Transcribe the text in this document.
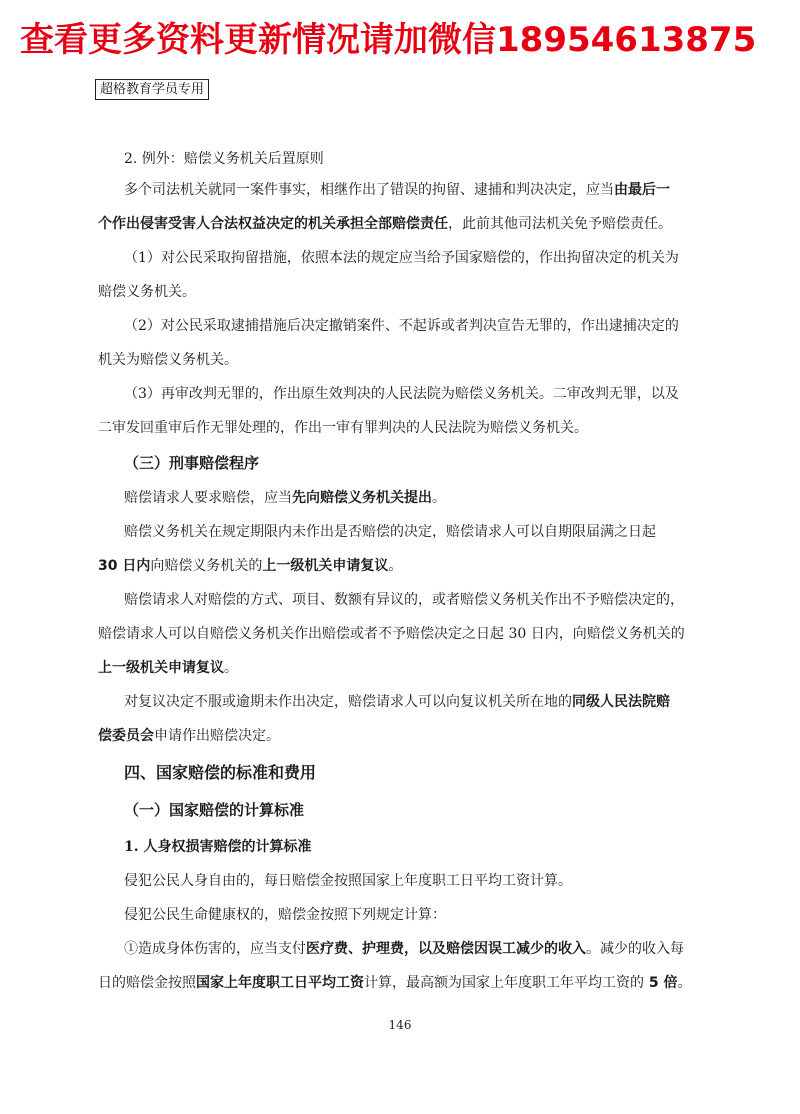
查看更多资料更新情况请加微信18954613875
超格教育学员专用
2. 例外：赔偿义务机关后置原则
多个司法机关就同一案件事实，相继作出了错误的拘留、逮捕和判决决定，应当由最后一
个作出侵害受害人合法权益决定的机关承担全部赔偿责任，此前其他司法机关免予赔偿责任。
（1）对公民采取拘留措施，依照本法的规定应当给予国家赔偿的，作出拘留决定的机关为
赔偿义务机关。
（2）对公民采取逮捕措施后决定撤销案件、不起诉或者判决宣告无罪的，作出逮捕决定的
机关为赔偿义务机关。
（3）再审改判无罪的，作出原生效判决的人民法院为赔偿义务机关。二审改判无罪，以及
二审发回重审后作无罪处理的，作出一审有罪判决的人民法院为赔偿义务机关。
（三）刑事赔偿程序
赔偿请求人要求赔偿，应当先向赔偿义务机关提出。
赔偿义务机关在规定期限内未作出是否赔偿的决定，赔偿请求人可以自期限届满之日起
30 日内向赔偿义务机关的上一级机关申请复议。
赔偿请求人对赔偿的方式、项目、数额有异议的，或者赔偿义务机关作出不予赔偿决定的，
赔偿请求人可以自赔偿义务机关作出赔偿或者不予赔偿决定之日起 30 日内，向赔偿义务机关的
上一级机关申请复议。
对复议决定不服或逾期未作出决定，赔偿请求人可以向复议机关所在地的同级人民法院赔
偿委员会申请作出赔偿决定。
四、国家赔偿的标准和费用
（一）国家赔偿的计算标准
1. 人身权损害赔偿的计算标准
侵犯公民人身自由的，每日赔偿金按照国家上年度职工日平均工资计算。
侵犯公民生命健康权的，赔偿金按照下列规定计算：
①造成身体伤害的，应当支付医疗费、护理费，以及赔偿因误工减少的收入。减少的收入每
日的赔偿金按照国家上年度职工日平均工资计算，最高额为国家上年度职工年平均工资的 5 倍。
146
